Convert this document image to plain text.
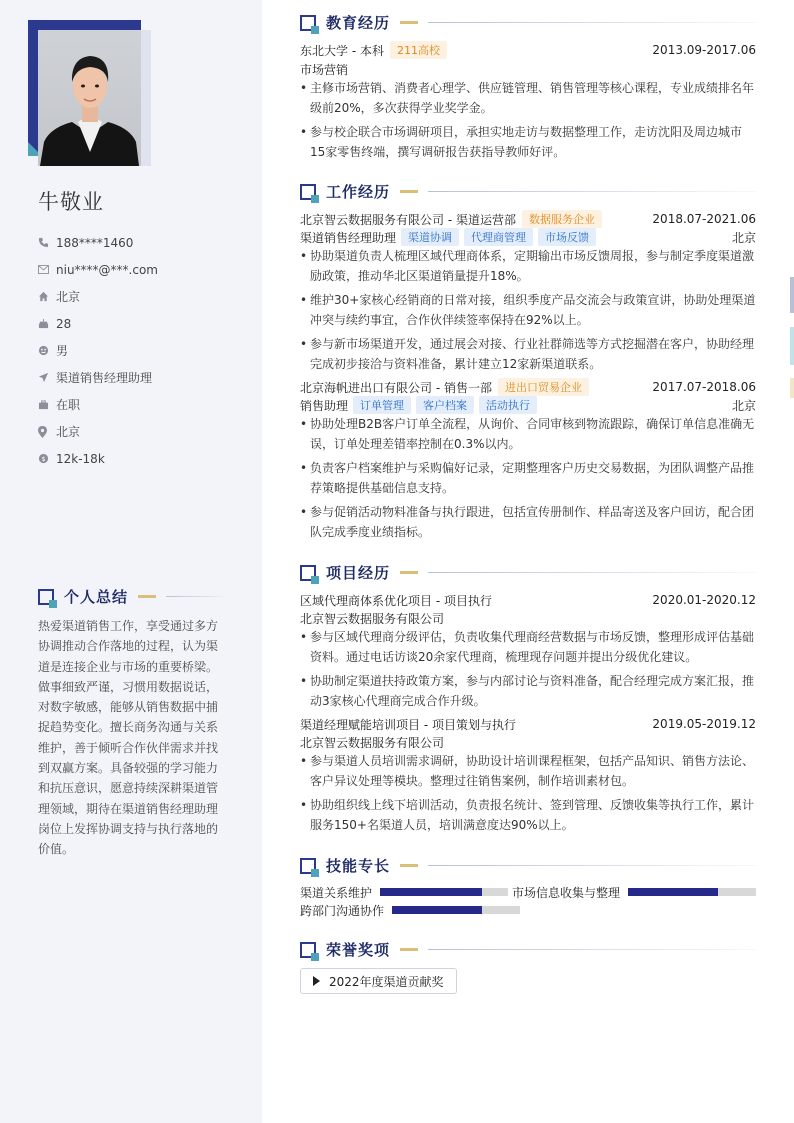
牛敬业
188****1460
niu****@***.com
北京
28
男
渠道销售经理助理
在职
北京
$ 12k-18k
个人总结
热爱渠道销售工作，享受通过多方协调推动合作落地的过程，认为渠道是连接企业与市场的重要桥梁。做事细致严谨，习惯用数据说话，对数字敏感，能够从销售数据中捕捉趋势变化。擅长商务沟通与关系维护，善于倾听合作伙伴需求并找到双赢方案。具备较强的学习能力和抗压意识，愿意持续深耕渠道管理领域，期待在渠道销售经理助理岗位上发挥协调支持与执行落地的价值。
教育经历
东北大学 - 本科	211高校	2013.09-2017.06
市场营销
• 主修市场营销、消费者心理学、供应链管理、销售管理等核心课程，专业成绩排名年级前20%，多次获得学业奖学金。
• 参与校企联合市场调研项目，承担实地走访与数据整理工作，走访沈阳及周边城市15家零售终端，撰写调研报告获指导教师好评。
工作经历
北京智云数据服务有限公司 - 渠道运营部	数据服务企业	2018.07-2021.06
渠道销售经理助理	渠道协调	代理商管理	市场反馈	北京
• 协助渠道负责人梳理区域代理商体系，定期输出市场反馈周报，参与制定季度渠道激励政策，推动华北区渠道销量提升18%。
• 维护30+家核心经销商的日常对接，组织季度产品交流会与政策宣讲，协助处理渠道冲突与续约事宜，合作伙伴续签率保持在92%以上。
• 参与新市场渠道开发，通过展会对接、行业社群筛选等方式挖掘潜在客户，协助经理完成初步接洽与资料准备，累计建立12家新渠道联系。
北京海帆进出口有限公司 - 销售一部	进出口贸易企业	2017.07-2018.06
销售助理	订单管理	客户档案	活动执行	北京
• 协助处理B2B客户订单全流程，从询价、合同审核到物流跟踪，确保订单信息准确无误，订单处理差错率控制在0.3%以内。
• 负责客户档案维护与采购偏好记录，定期整理客户历史交易数据，为团队调整产品推荐策略提供基础信息支持。
• 参与促销活动物料准备与执行跟进，包括宣传册制作、样品寄送及客户回访，配合团队完成季度业绩指标。
项目经历
区域代理商体系优化项目 - 项目执行	2020.01-2020.12
北京智云数据服务有限公司
• 参与区域代理商分级评估，负责收集代理商经营数据与市场反馈，整理形成评估基础资料。通过电话访谈20余家代理商，梳理现存问题并提出分级优化建议。
• 协助制定渠道扶持政策方案，参与内部讨论与资料准备，配合经理完成方案汇报，推动3家核心代理商完成合作升级。
渠道经理赋能培训项目 - 项目策划与执行	2019.05-2019.12
北京智云数据服务有限公司
• 参与渠道人员培训需求调研，协助设计培训课程框架，包括产品知识、销售方法论、客户异议处理等模块。整理过往销售案例，制作培训素材包。
• 协助组织线上线下培训活动，负责报名统计、签到管理、反馈收集等执行工作，累计服务150+名渠道人员，培训满意度达90%以上。
技能专长
渠道关系维护	市场信息收集与整理
跨部门沟通协作
荣誉奖项
2022年度渠道贡献奖
